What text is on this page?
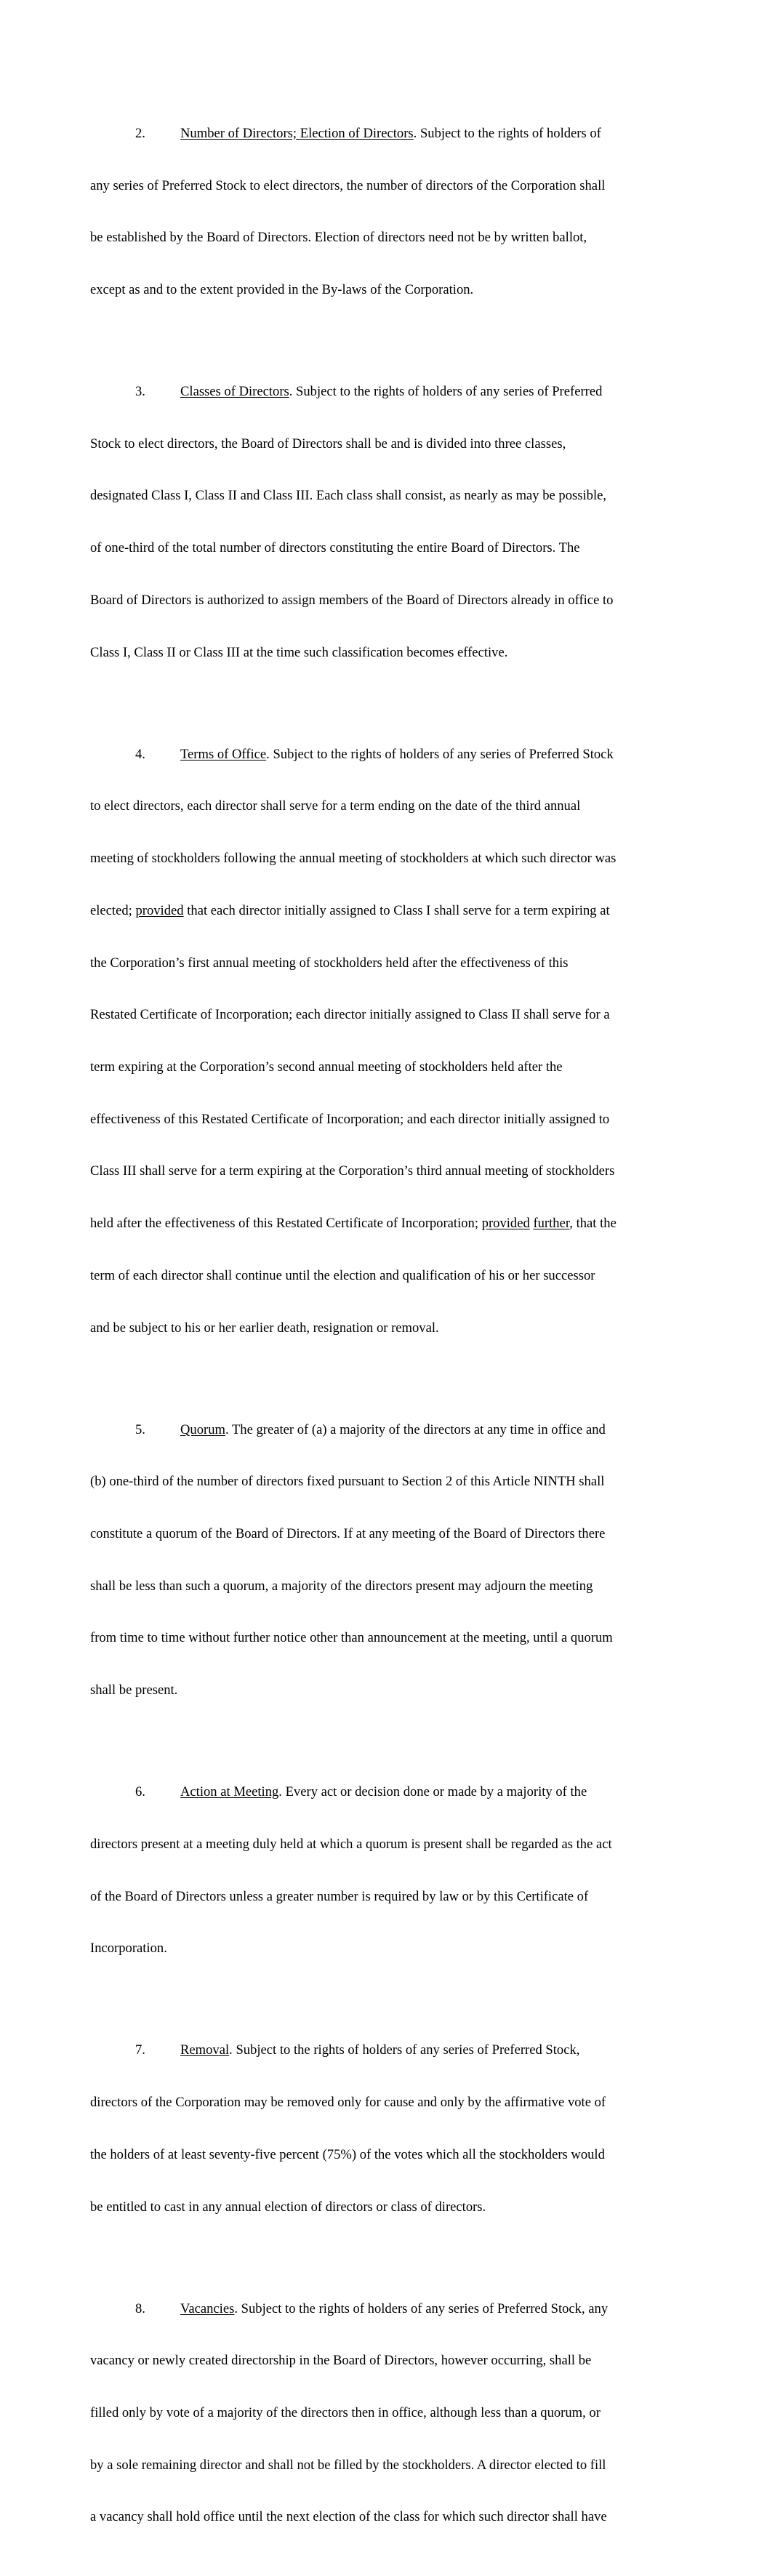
2.	Number of Directors; Election of Directors. Subject to the rights of holders of

any series of Preferred Stock to elect directors, the number of directors of the Corporation shall

be established by the Board of Directors. Election of directors need not be by written ballot,

except as and to the extent provided in the By-laws of the Corporation.

3.	Classes of Directors. Subject to the rights of holders of any series of Preferred

Stock to elect directors, the Board of Directors shall be and is divided into three classes,

designated Class I, Class II and Class III. Each class shall consist, as nearly as may be possible,

of one-third of the total number of directors constituting the entire Board of Directors. The

Board of Directors is authorized to assign members of the Board of Directors already in office to

Class I, Class II or Class III at the time such classification becomes effective.

4.	Terms of Office. Subject to the rights of holders of any series of Preferred Stock

to elect directors, each director shall serve for a term ending on the date of the third annual

meeting of stockholders following the annual meeting of stockholders at which such director was

elected; provided that each director initially assigned to Class I shall serve for a term expiring at

the Corporation’s first annual meeting of stockholders held after the effectiveness of this

Restated Certificate of Incorporation; each director initially assigned to Class II shall serve for a

term expiring at the Corporation’s second annual meeting of stockholders held after the

effectiveness of this Restated Certificate of Incorporation; and each director initially assigned to

Class III shall serve for a term expiring at the Corporation’s third annual meeting of stockholders

held after the effectiveness of this Restated Certificate of Incorporation; provided further, that the

term of each director shall continue until the election and qualification of his or her successor

and be subject to his or her earlier death, resignation or removal.

5.	Quorum. The greater of (a) a majority of the directors at any time in office and

(b) one-third of the number of directors fixed pursuant to Section 2 of this Article NINTH shall

constitute a quorum of the Board of Directors. If at any meeting of the Board of Directors there

shall be less than such a quorum, a majority of the directors present may adjourn the meeting

from time to time without further notice other than announcement at the meeting, until a quorum

shall be present.

6.	Action at Meeting. Every act or decision done or made by a majority of the

directors present at a meeting duly held at which a quorum is present shall be regarded as the act

of the Board of Directors unless a greater number is required by law or by this Certificate of

Incorporation.

7.	Removal. Subject to the rights of holders of any series of Preferred Stock,

directors of the Corporation may be removed only for cause and only by the affirmative vote of

the holders of at least seventy-five percent (75%) of the votes which all the stockholders would

be entitled to cast in any annual election of directors or class of directors.

8.	Vacancies. Subject to the rights of holders of any series of Preferred Stock, any

vacancy or newly created directorship in the Board of Directors, however occurring, shall be

filled only by vote of a majority of the directors then in office, although less than a quorum, or

by a sole remaining director and shall not be filled by the stockholders. A director elected to fill

a vacancy shall hold office until the next election of the class for which such director shall have
